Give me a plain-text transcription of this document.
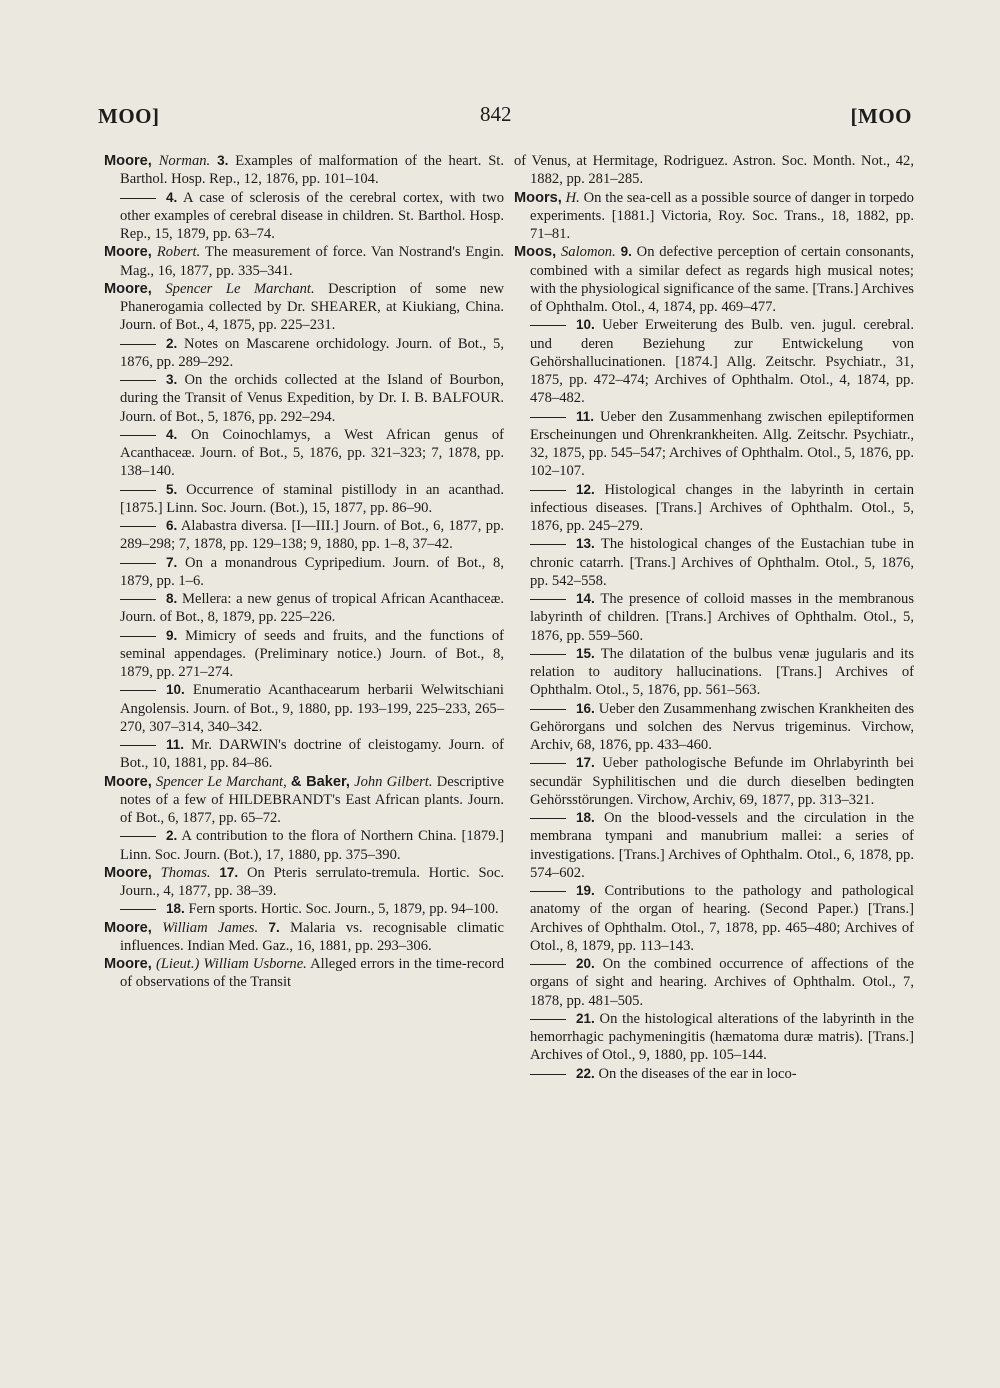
MOO]	842	[MOO
Moore, Norman. 3. Examples of malformation of the heart. St. Barthol. Hosp. Rep., 12, 1876, pp. 101–104.
4. A case of sclerosis of the cerebral cortex, with two other examples of cerebral disease in children. St. Barthol. Hosp. Rep., 15, 1879, pp. 63–74.
Moore, Robert. The measurement of force. Van Nostrand's Engin. Mag., 16, 1877, pp. 335–341.
Moore, Spencer Le Marchant. Description of some new Phanerogamia collected by Dr. SHEARER, at Kiukiang, China. Journ. of Bot., 4, 1875, pp. 225–231.
2. Notes on Mascarene orchidology. Journ. of Bot., 5, 1876, pp. 289–292.
3. On the orchids collected at the Island of Bourbon, during the Transit of Venus Expedition, by Dr. I. B. BALFOUR. Journ. of Bot., 5, 1876, pp. 292–294.
4. On Coinochlamys, a West African genus of Acanthaceæ. Journ. of Bot., 5, 1876, pp. 321–323; 7, 1878, pp. 138–140.
5. Occurrence of staminal pistillody in an acanthad. [1875.] Linn. Soc. Journ. (Bot.), 15, 1877, pp. 86–90.
6. Alabastra diversa. [I—III.] Journ. of Bot., 6, 1877, pp. 289–298; 7, 1878, pp. 129–138; 9, 1880, pp. 1–8, 37–42.
7. On a monandrous Cypripedium. Journ. of Bot., 8, 1879, pp. 1–6.
8. Mellera: a new genus of tropical African Acanthaceæ. Journ. of Bot., 8, 1879, pp. 225–226.
9. Mimicry of seeds and fruits, and the functions of seminal appendages. (Preliminary notice.) Journ. of Bot., 8, 1879, pp. 271–274.
10. Enumeratio Acanthacearum herbarii Welwitschiani Angolensis. Journ. of Bot., 9, 1880, pp. 193–199, 225–233, 265–270, 307–314, 340–342.
11. Mr. DARWIN's doctrine of cleistogamy. Journ. of Bot., 10, 1881, pp. 84–86.
Moore, Spencer Le Marchant, & Baker, John Gilbert. Descriptive notes of a few of HILDEBRANDT's East African plants. Journ. of Bot., 6, 1877, pp. 65–72.
2. A contribution to the flora of Northern China. [1879.] Linn. Soc. Journ. (Bot.), 17, 1880, pp. 375–390.
Moore, Thomas. 17. On Pteris serrulato-tremula. Hortic. Soc. Journ., 4, 1877, pp. 38–39.
18. Fern sports. Hortic. Soc. Journ., 5, 1879, pp. 94–100.
Moore, William James. 7. Malaria vs. recognisable climatic influences. Indian Med. Gaz., 16, 1881, pp. 293–306.
Moore, (Lieut.) William Usborne. Alleged errors in the time-record of observations of the Transit
of Venus, at Hermitage, Rodriguez. Astron. Soc. Month. Not., 42, 1882, pp. 281–285.
Moors, H. On the sea-cell as a possible source of danger in torpedo experiments. [1881.] Victoria, Roy. Soc. Trans., 18, 1882, pp. 71–81.
Moos, Salomon. 9. On defective perception of certain consonants, combined with a similar defect as regards high musical notes; with the physiological significance of the same. [Trans.] Archives of Ophthalm. Otol., 4, 1874, pp. 469–477.
10. Ueber Erweiterung des Bulb. ven. jugul. cerebral. und deren Beziehung zur Entwickelung von Gehörshallucinationen. [1874.] Allg. Zeitschr. Psychiatr., 31, 1875, pp. 472–474; Archives of Ophthalm. Otol., 4, 1874, pp. 478–482.
11. Ueber den Zusammenhang zwischen epileptiformen Erscheinungen und Ohrenkrankheiten. Allg. Zeitschr. Psychiatr., 32, 1875, pp. 545–547; Archives of Ophthalm. Otol., 5, 1876, pp. 102–107.
12. Histological changes in the labyrinth in certain infectious diseases. [Trans.] Archives of Ophthalm. Otol., 5, 1876, pp. 245–279.
13. The histological changes of the Eustachian tube in chronic catarrh. [Trans.] Archives of Ophthalm. Otol., 5, 1876, pp. 542–558.
14. The presence of colloid masses in the membranous labyrinth of children. [Trans.] Archives of Ophthalm. Otol., 5, 1876, pp. 559–560.
15. The dilatation of the bulbus venæ jugularis and its relation to auditory hallucinations. [Trans.] Archives of Ophthalm. Otol., 5, 1876, pp. 561–563.
16. Ueber den Zusammenhang zwischen Krankheiten des Gehörorgans und solchen des Nervus trigeminus. Virchow, Archiv, 68, 1876, pp. 433–460.
17. Ueber pathologische Befunde im Ohrlabyrinth bei secundär Syphilitischen und die durch dieselben bedingten Gehörsstörungen. Virchow, Archiv, 69, 1877, pp. 313–321.
18. On the blood-vessels and the circulation in the membrana tympani and manubrium mallei: a series of investigations. [Trans.] Archives of Ophthalm. Otol., 6, 1878, pp. 574–602.
19. Contributions to the pathology and pathological anatomy of the organ of hearing. (Second Paper.) [Trans.] Archives of Ophthalm. Otol., 7, 1878, pp. 465–480; Archives of Otol., 8, 1879, pp. 113–143.
20. On the combined occurrence of affections of the organs of sight and hearing. Archives of Ophthalm. Otol., 7, 1878, pp. 481–505.
21. On the histological alterations of the labyrinth in the hemorrhagic pachymeningitis (hæmatoma duræ matris). [Trans.] Archives of Otol., 9, 1880, pp. 105–144.
22. On the diseases of the ear in loco-
